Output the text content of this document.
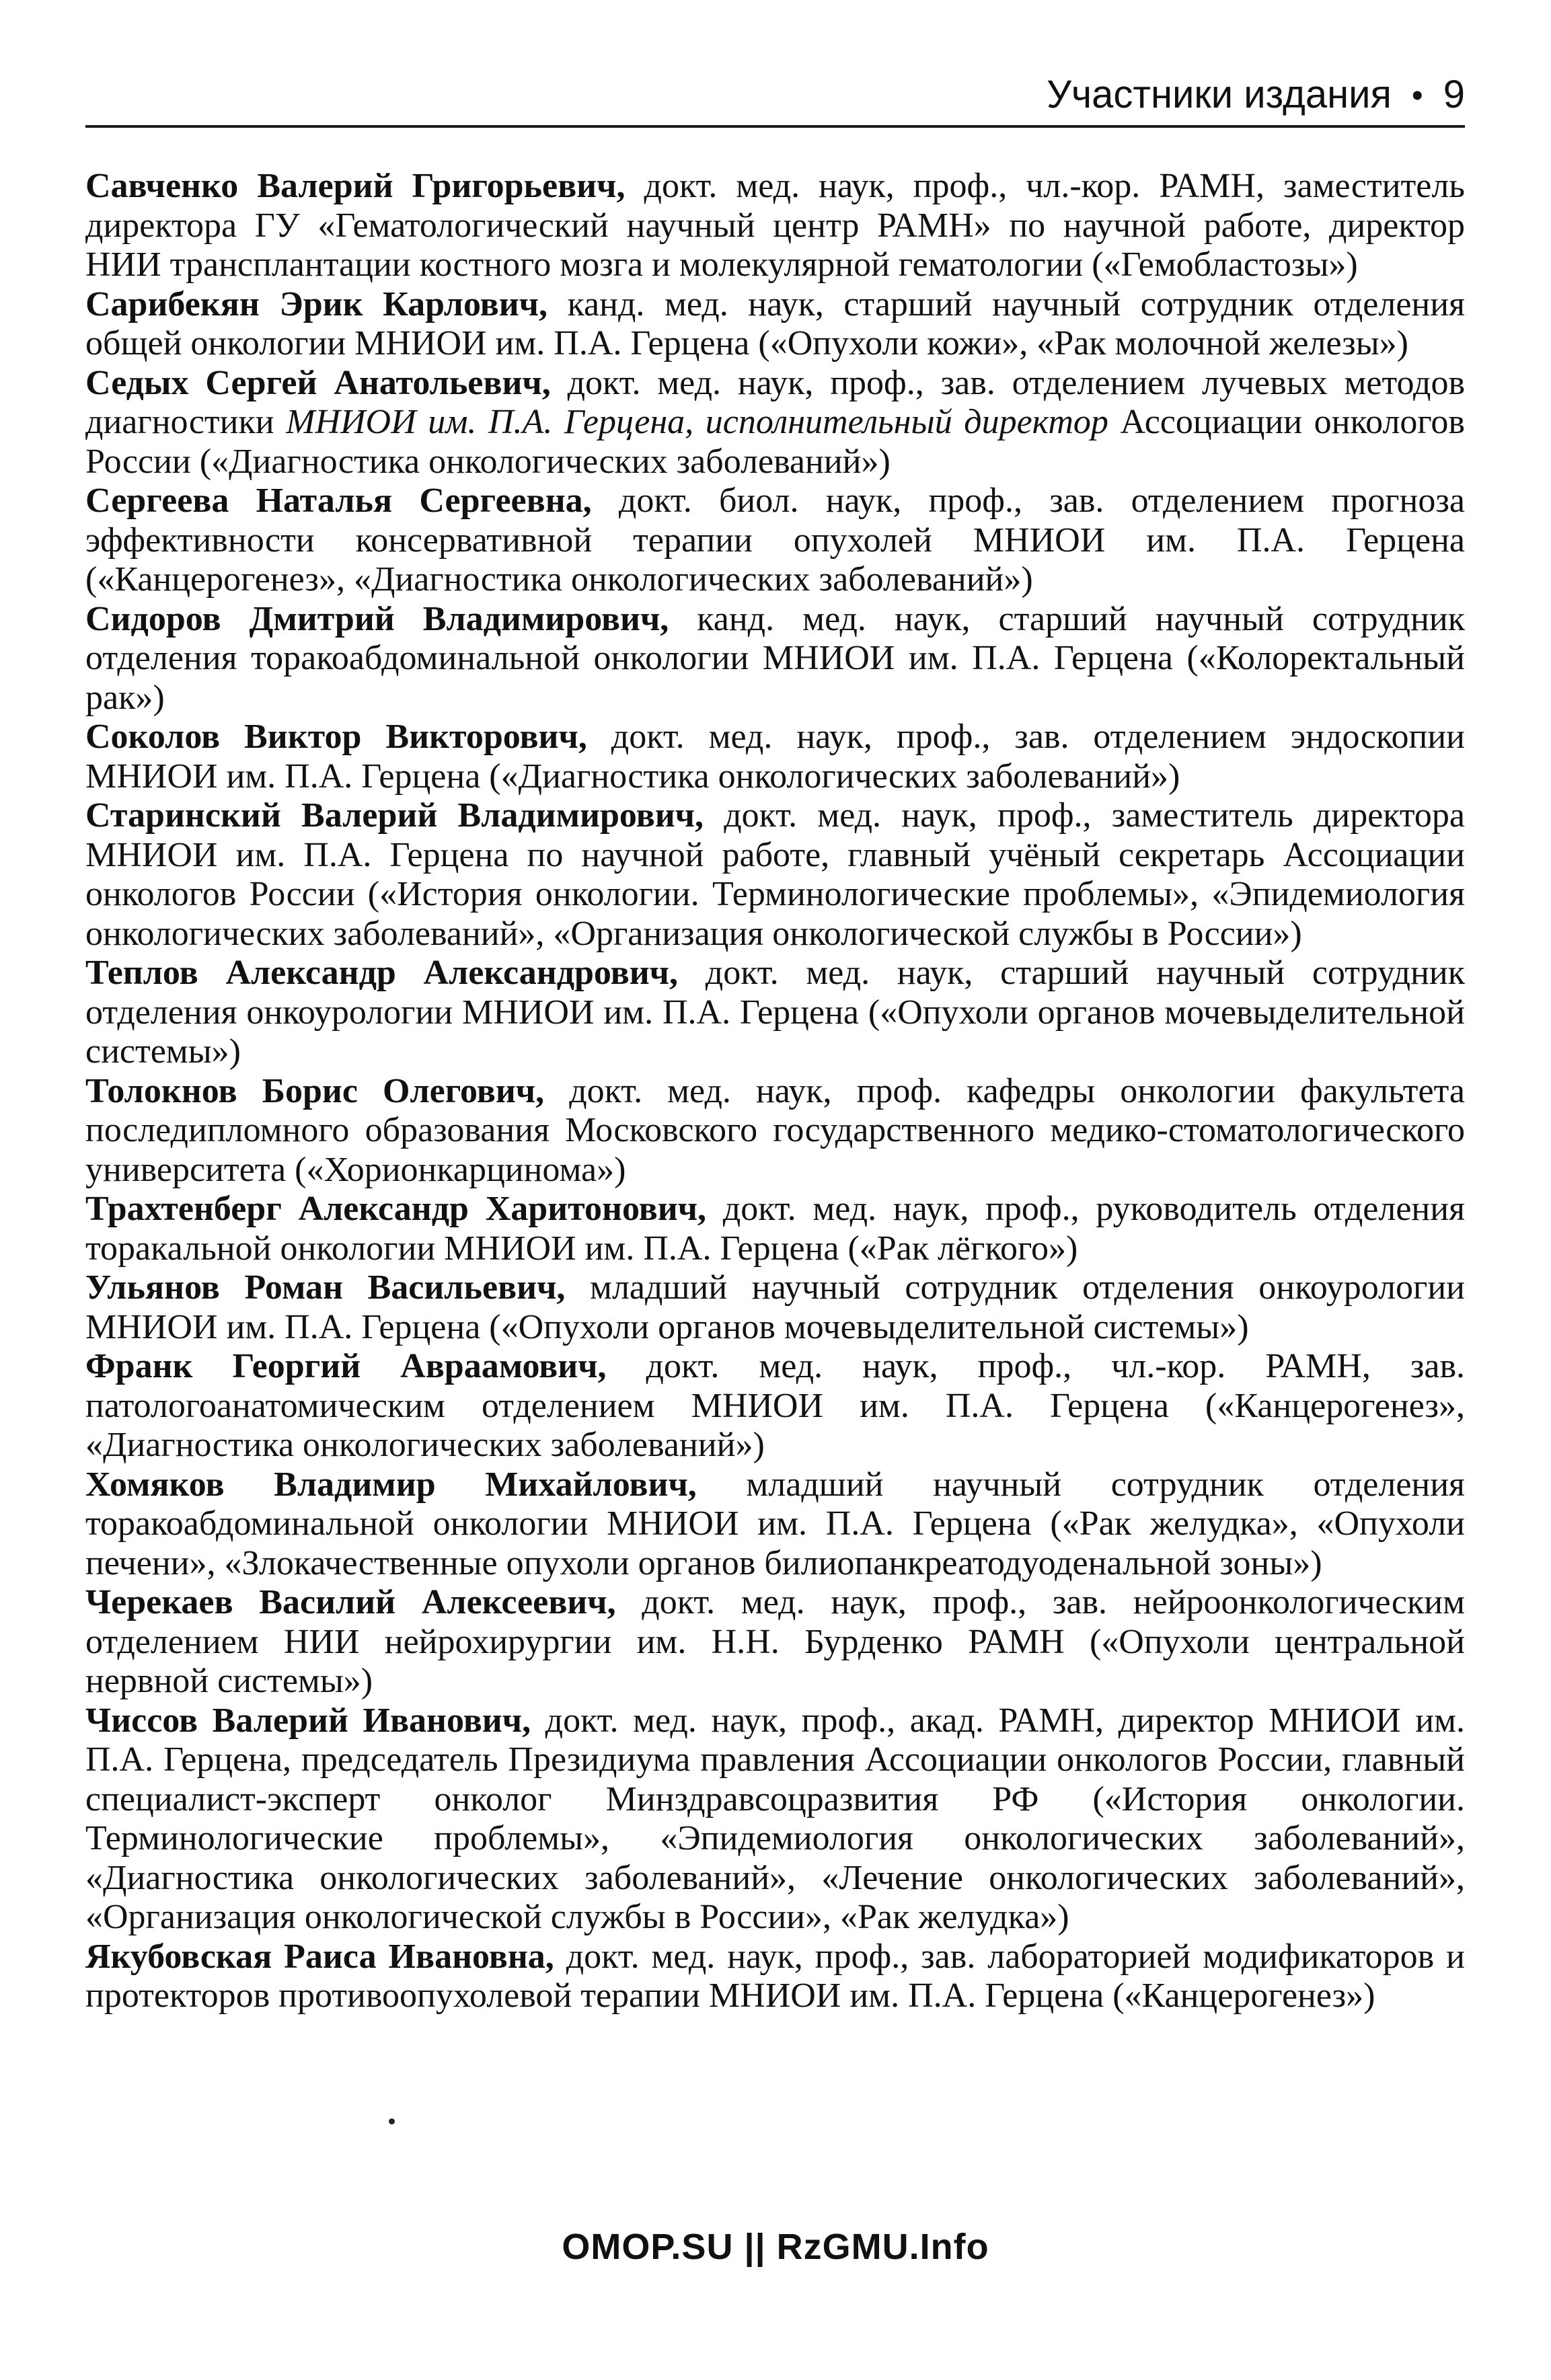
Участники издания • 9

Савченко Валерий Григорьевич, докт. мед. наук, проф., чл.-кор. РАМН, заместитель директора ГУ «Гематологический научный центр РАМН» по научной работе, директор НИИ трансплантации костного мозга и молекулярной гематологии («Гемобластозы»)

Сарибекян Эрик Карлович, канд. мед. наук, старший научный сотрудник отделения общей онкологии МНИОИ им. П.А. Герцена («Опухоли кожи», «Рак молочной железы»)

Седых Сергей Анатольевич, докт. мед. наук, проф., зав. отделением лучевых методов диагностики МНИОИ им. П.А. Герцена, исполнительный директор Ассоциации онкологов России («Диагностика онкологических заболеваний»)

Сергеева Наталья Сергеевна, докт. биол. наук, проф., зав. отделением прогноза эффективности консервативной терапии опухолей МНИОИ им. П.А. Герцена («Канцерогенез», «Диагностика онкологических заболеваний»)

Сидоров Дмитрий Владимирович, канд. мед. наук, старший научный сотрудник отделения торакоабдоминальной онкологии МНИОИ им. П.А. Герцена («Колоректальный рак»)

Соколов Виктор Викторович, докт. мед. наук, проф., зав. отделением эндоскопии МНИОИ им. П.А. Герцена («Диагностика онкологических заболеваний»)

Старинский Валерий Владимирович, докт. мед. наук, проф., заместитель директора МНИОИ им. П.А. Герцена по научной работе, главный учёный секретарь Ассоциации онкологов России («История онкологии. Терминологические проблемы», «Эпидемиология онкологических заболеваний», «Организация онкологической службы в России»)

Теплов Александр Александрович, докт. мед. наук, старший научный сотрудник отделения онкоурологии МНИОИ им. П.А. Герцена («Опухоли органов мочевыделительной системы»)

Толокнов Борис Олегович, докт. мед. наук, проф. кафедры онкологии факультета последипломного образования Московского государственного медико-стоматологического университета («Хорионкарцинома»)

Трахтенберг Александр Харитонович, докт. мед. наук, проф., руководитель отделения торакальной онкологии МНИОИ им. П.А. Герцена («Рак лёгкого»)

Ульянов Роман Васильевич, младший научный сотрудник отделения онкоурологии МНИОИ им. П.А. Герцена («Опухоли органов мочевыделительной системы»)

Франк Георгий Авраамович, докт. мед. наук, проф., чл.-кор. РАМН, зав. патологоанатомическим отделением МНИОИ им. П.А. Герцена («Канцерогенез», «Диагностика онкологических заболеваний»)

Хомяков Владимир Михайлович, младший научный сотрудник отделения торакоабдоминальной онкологии МНИОИ им. П.А. Герцена («Рак желудка», «Опухоли печени», «Злокачественные опухоли органов билиопанкреатодуоденальной зоны»)

Черекаев Василий Алексеевич, докт. мед. наук, проф., зав. нейроонкологическим отделением НИИ нейрохирургии им. Н.Н. Бурденко РАМН («Опухоли центральной нервной системы»)

Чиссов Валерий Иванович, докт. мед. наук, проф., акад. РАМН, директор МНИОИ им. П.А. Герцена, председатель Президиума правления Ассоциации онкологов России, главный специалист-эксперт онколог Минздравсоцразвития РФ («История онкологии. Терминологические проблемы», «Эпидемиология онкологических заболеваний», «Диагностика онкологических заболеваний», «Лечение онкологических заболеваний», «Организация онкологической службы в России», «Рак желудка»)

Якубовская Раиса Ивановна, докт. мед. наук, проф., зав. лабораторией модификаторов и протекторов противоопухолевой терапии МНИОИ им. П.А. Герцена («Канцерогенез»)

OMOP.SU || RzGMU.Info
